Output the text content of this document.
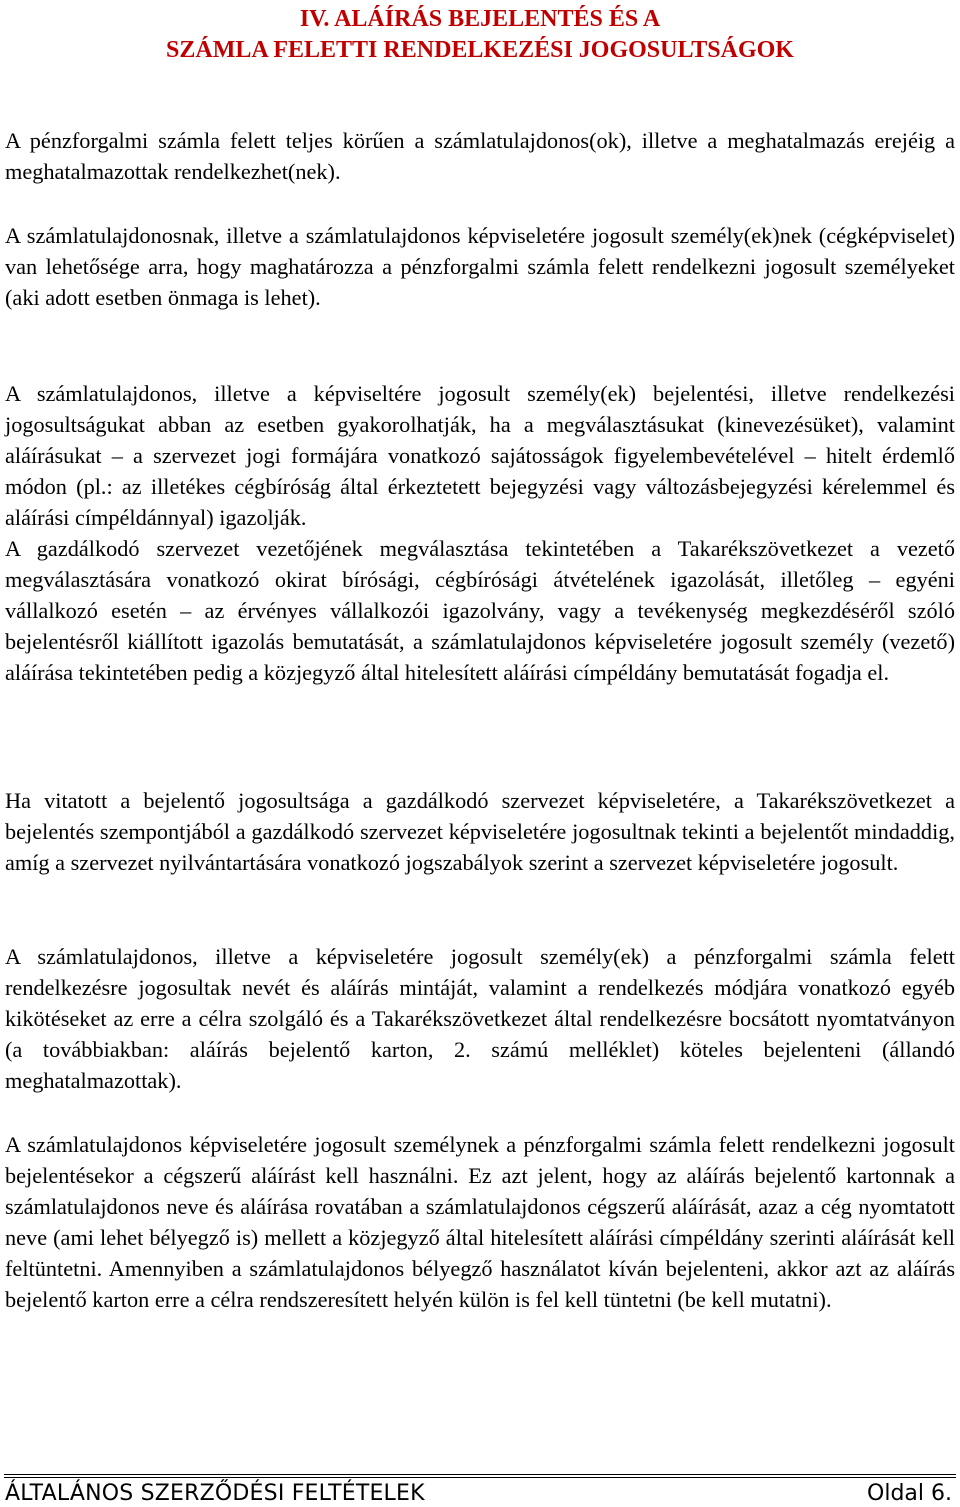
IV. ALÁÍRÁS BEJELENTÉS ÉS A
SZÁMLA FELETTI RENDELKEZÉSI JOGOSULTSÁGOK

A pénzforgalmi számla felett teljes körűen a számlatulajdonos(ok), illetve a meghatalmazás erejéig a meghatalmazottak rendelkezhet(nek).

A számlatulajdonosnak, illetve a számlatulajdonos képviseletére jogosult személy(ek)nek (cégképviselet) van lehetősége arra, hogy maghatározza a pénzforgalmi számla felett rendelkezni jogosult személyeket (aki adott esetben önmaga is lehet).

A számlatulajdonos, illetve a képviseltére jogosult személy(ek) bejelentési, illetve rendelkezési jogosultságukat abban az esetben gyakorolhatják, ha a megválasztásukat (kinevezésüket), valamint aláírásukat – a szervezet jogi formájára vonatkozó sajátosságok figyelembevételével – hitelt érdemlő módon (pl.: az illetékes cégbíróság által érkeztetett bejegyzési vagy változásbejegyzési kérelemmel és aláírási címpéldánnyal) igazolják.

A gazdálkodó szervezet vezetőjének megválasztása tekintetében a Takarékszövetkezet a vezető megválasztására vonatkozó okirat bírósági, cégbírósági átvételének igazolását, illetőleg – egyéni vállalkozó esetén – az érvényes vállalkozói igazolvány, vagy a tevékenység megkezdéséről szóló bejelentésről kiállított igazolás bemutatását, a számlatulajdonos képviseletére jogosult személy (vezető) aláírása tekintetében pedig a közjegyző által hitelesített aláírási címpéldány bemutatását fogadja el.

Ha vitatott a bejelentő jogosultsága a gazdálkodó szervezet képviseletére, a Takarékszövetkezet a bejelentés szempontjából a gazdálkodó szervezet képviseletére jogosultnak tekinti a bejelentőt mindaddig, amíg a szervezet nyilvántartására vonatkozó jogszabályok szerint a szervezet képviseletére jogosult.

A számlatulajdonos, illetve a képviseletére jogosult személy(ek) a pénzforgalmi számla felett rendelkezésre jogosultak nevét és aláírás mintáját, valamint a rendelkezés módjára vonatkozó egyéb kikötéseket az erre a célra szolgáló és a Takarékszövetkezet által rendelkezésre bocsátott nyomtatványon (a továbbiakban: aláírás bejelentő karton, 2. számú melléklet) köteles bejelenteni (állandó meghatalmazottak).

A számlatulajdonos képviseletére jogosult személynek a pénzforgalmi számla felett rendelkezni jogosult bejelentésekor a cégszerű aláírást kell használni. Ez azt jelent, hogy az aláírás bejelentő kartonnak a számlatulajdonos neve és aláírása rovatában a számlatulajdonos cégszerű aláírását, azaz a cég nyomtatott neve (ami lehet bélyegző is) mellett a közjegyző által hitelesített aláírási címpéldány szerinti aláírását kell feltüntetni. Amennyiben a számlatulajdonos bélyegző használatot kíván bejelenteni, akkor azt az aláírás bejelentő karton erre a célra rendszeresített helyén külön is fel kell tüntetni (be kell mutatni).

ÁLTALÁNOS SZERZŐDÉSI FELTÉTELEK	Oldal 6.
